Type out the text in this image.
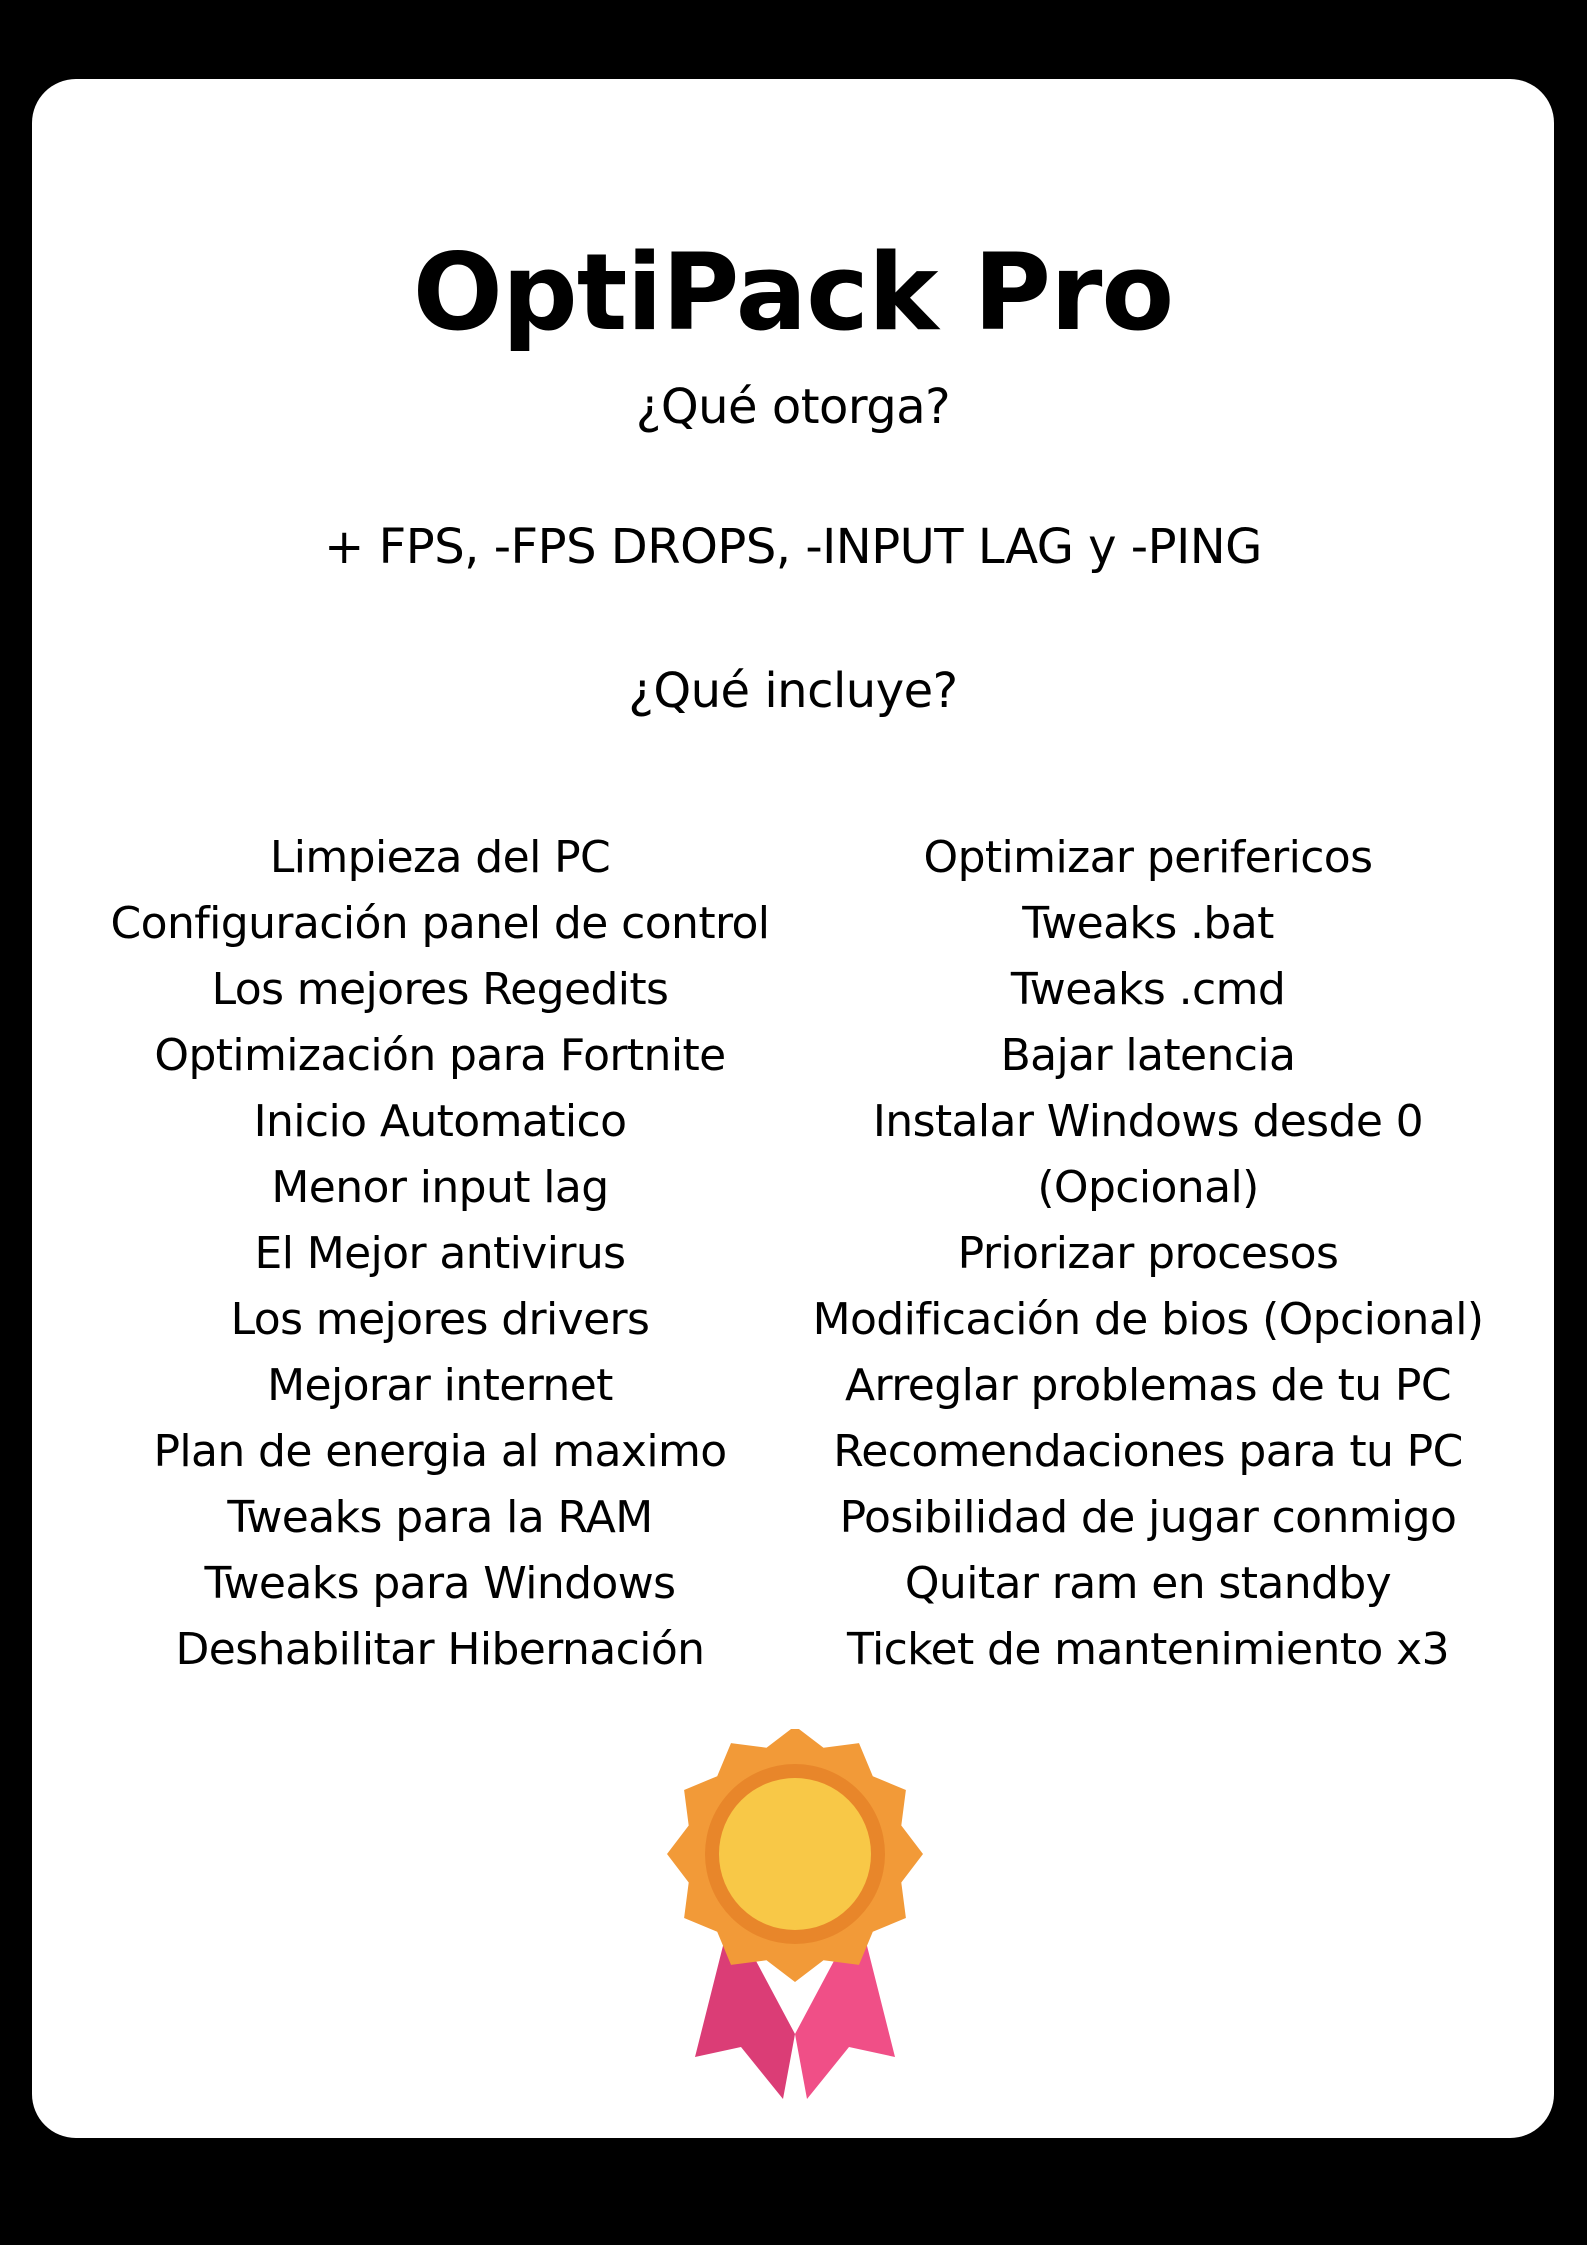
OptiPack Pro
¿Qué otorga?
+ FPS, -FPS DROPS, -INPUT LAG y -PING
¿Qué incluye?
Limpieza del PC
Configuración panel de control
Los mejores Regedits
Optimización para Fortnite
Inicio Automatico
Menor input lag
El Mejor antivirus
Los mejores drivers
Mejorar internet
Plan de energia al maximo
Tweaks para la RAM
Tweaks para Windows
Deshabilitar Hibernación
Optimizar perifericos
Tweaks .bat
Tweaks .cmd
Bajar latencia
Instalar Windows desde 0
(Opcional)
Priorizar procesos
Modificación de bios (Opcional)
Arreglar problemas de tu PC
Recomendaciones para tu PC
Posibilidad de jugar conmigo
Quitar ram en standby
Ticket de mantenimiento x3
